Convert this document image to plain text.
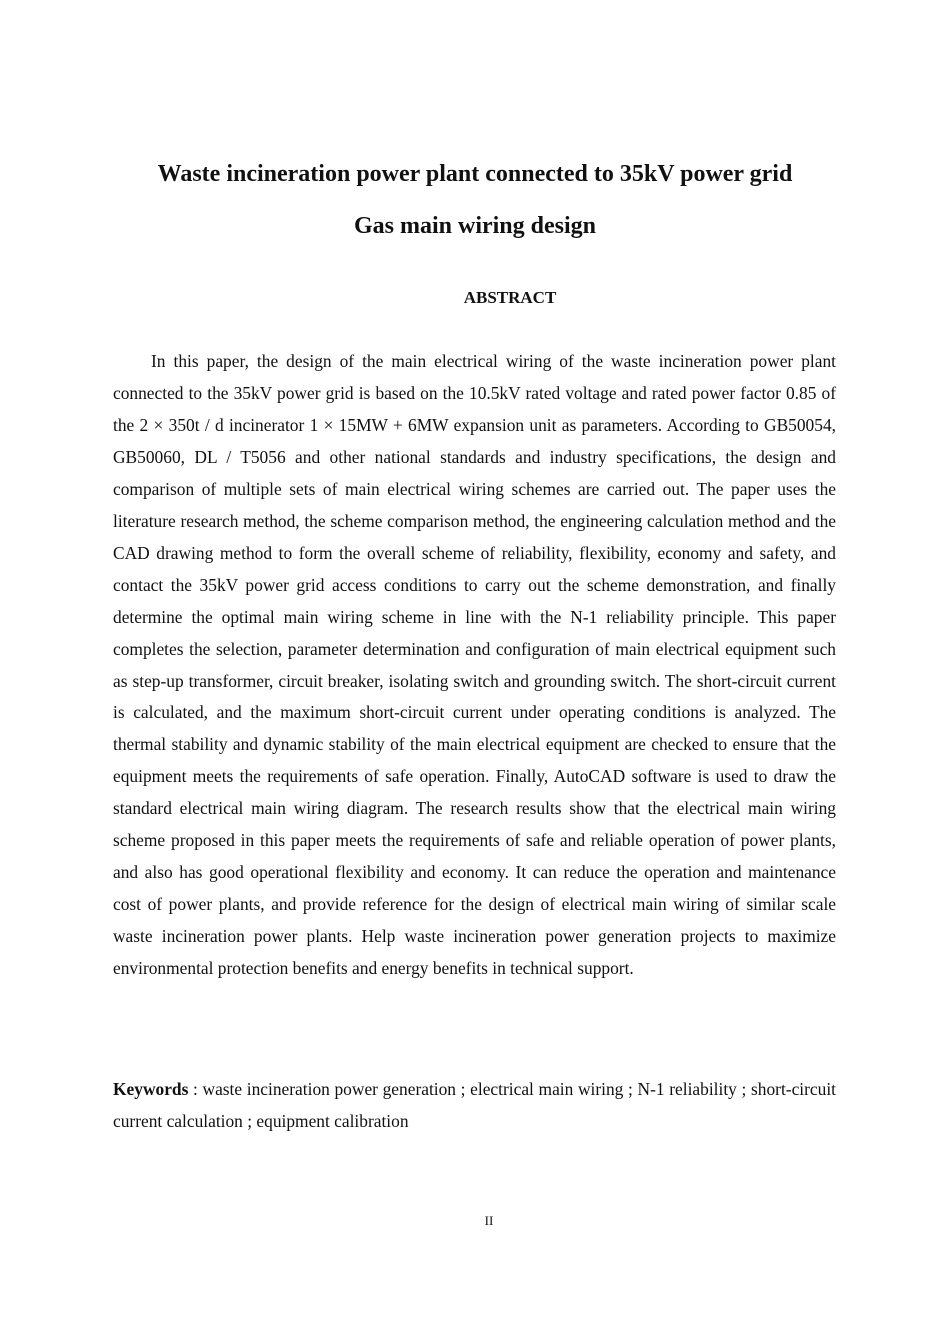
Waste incineration power plant connected to 35kV power grid
Gas main wiring design
ABSTRACT

In this paper, the design of the main electrical wiring of the waste incineration power plant connected to the 35kV power grid is based on the 10.5kV rated voltage and rated power factor 0.85 of the 2 × 350t / d incinerator 1 × 15MW + 6MW expansion unit as parameters. According to GB50054, GB50060, DL / T5056 and other national standards and industry specifications, the design and comparison of multiple sets of main electrical wiring schemes are carried out. The paper uses the literature research method, the scheme comparison method, the engineering calculation method and the CAD drawing method to form the overall scheme of reliability, flexibility, economy and safety, and contact the 35kV power grid access conditions to carry out the scheme demonstration, and finally determine the optimal main wiring scheme in line with the N-1 reliability principle. This paper completes the selection, parameter determination and configuration of main electrical equipment such as step-up transformer, circuit breaker, isolating switch and grounding switch. The short-circuit current is calculated, and the maximum short-circuit current under operating conditions is analyzed. The thermal stability and dynamic stability of the main electrical equipment are checked to ensure that the equipment meets the requirements of safe operation. Finally, AutoCAD software is used to draw the standard electrical main wiring diagram. The research results show that the electrical main wiring scheme proposed in this paper meets the requirements of safe and reliable operation of power plants, and also has good operational flexibility and economy. It can reduce the operation and maintenance cost of power plants, and provide reference for the design of electrical main wiring of similar scale waste incineration power plants. Help waste incineration power generation projects to maximize environmental protection benefits and energy benefits in technical support.

Keywords : waste incineration power generation ; electrical main wiring ; N-1 reliability ; short-circuit current calculation ; equipment calibration

II
